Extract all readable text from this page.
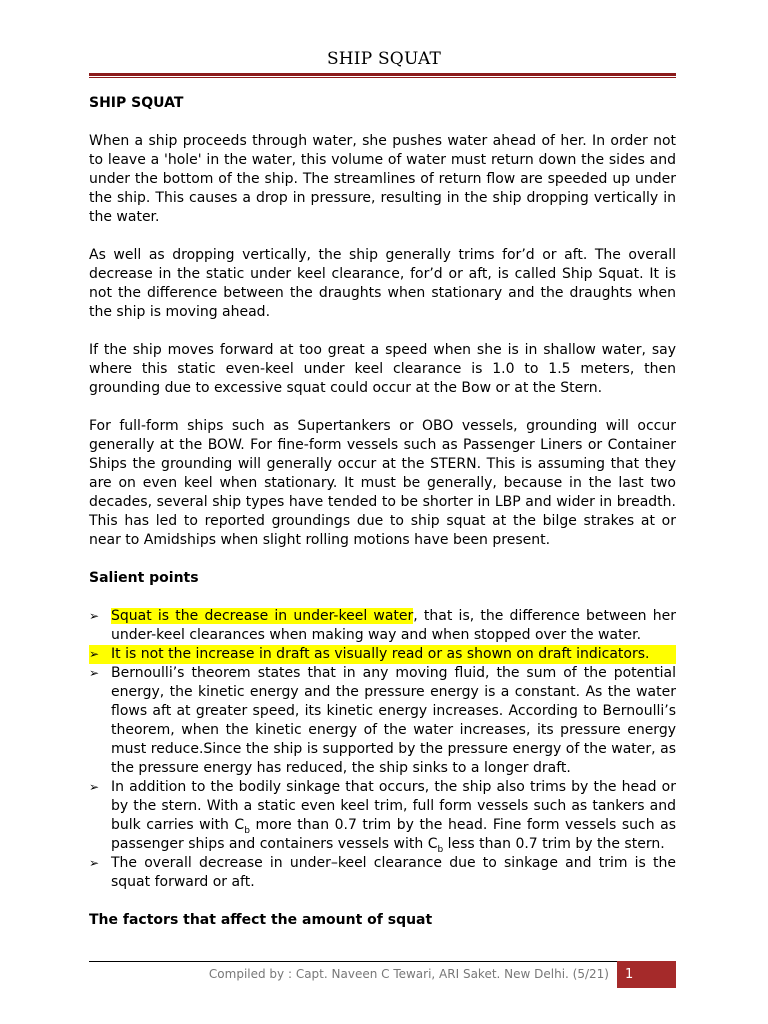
SHIP SQUAT

SHIP SQUAT

When a ship proceeds through water, she pushes water ahead of her. In order not to leave a 'hole' in the water, this volume of water must return down the sides and under the bottom of the ship. The streamlines of return flow are speeded up under the ship. This causes a drop in pressure, resulting in the ship dropping vertically in the water.

As well as dropping vertically, the ship generally trims for’d or aft. The overall decrease in the static under keel clearance, for’d or aft, is called Ship Squat. It is not the difference between the draughts when stationary and the draughts when the ship is moving ahead.

If the ship moves forward at too great a speed when she is in shallow water, say where this static even-keel under keel clearance is 1.0 to 1.5 meters, then grounding due to excessive squat could occur at the Bow or at the Stern.

For full-form ships such as Supertankers or OBO vessels, grounding will occur generally at the BOW. For fine-form vessels such as Passenger Liners or Container Ships the grounding will generally occur at the STERN. This is assuming that they are on even keel when stationary. It must be generally, because in the last two decades, several ship types have tended to be shorter in LBP and wider in breadth. This has led to reported groundings due to ship squat at the bilge strakes at or near to Amidships when slight rolling motions have been present.

Salient points

➢ Squat is the decrease in under-keel water, that is, the difference between her under-keel clearances when making way and when stopped over the water.
➢ It is not the increase in draft as visually read or as shown on draft indicators.
➢ Bernoulli’s theorem states that in any moving fluid, the sum of the potential energy, the kinetic energy and the pressure energy is a constant. As the water flows aft at greater speed, its kinetic energy increases. According to Bernoulli’s theorem, when the kinetic energy of the water increases, its pressure energy must reduce.Since the ship is supported by the pressure energy of the water, as the pressure energy has reduced, the ship sinks to a longer draft.
➢ In addition to the bodily sinkage that occurs, the ship also trims by the head or by the stern. With a static even keel trim, full form vessels such as tankers and bulk carries with $C_b$ more than 0.7 trim by the head. Fine form vessels such as passenger ships and containers vessels with $C_b$ less than 0.7 trim by the stern.
➢ The overall decrease in under–keel clearance due to sinkage and trim is the squat forward or aft.

The factors that affect the amount of squat

Compiled by : Capt. Naveen C Tewari, ARI Saket. New Delhi. (5/21) 1
